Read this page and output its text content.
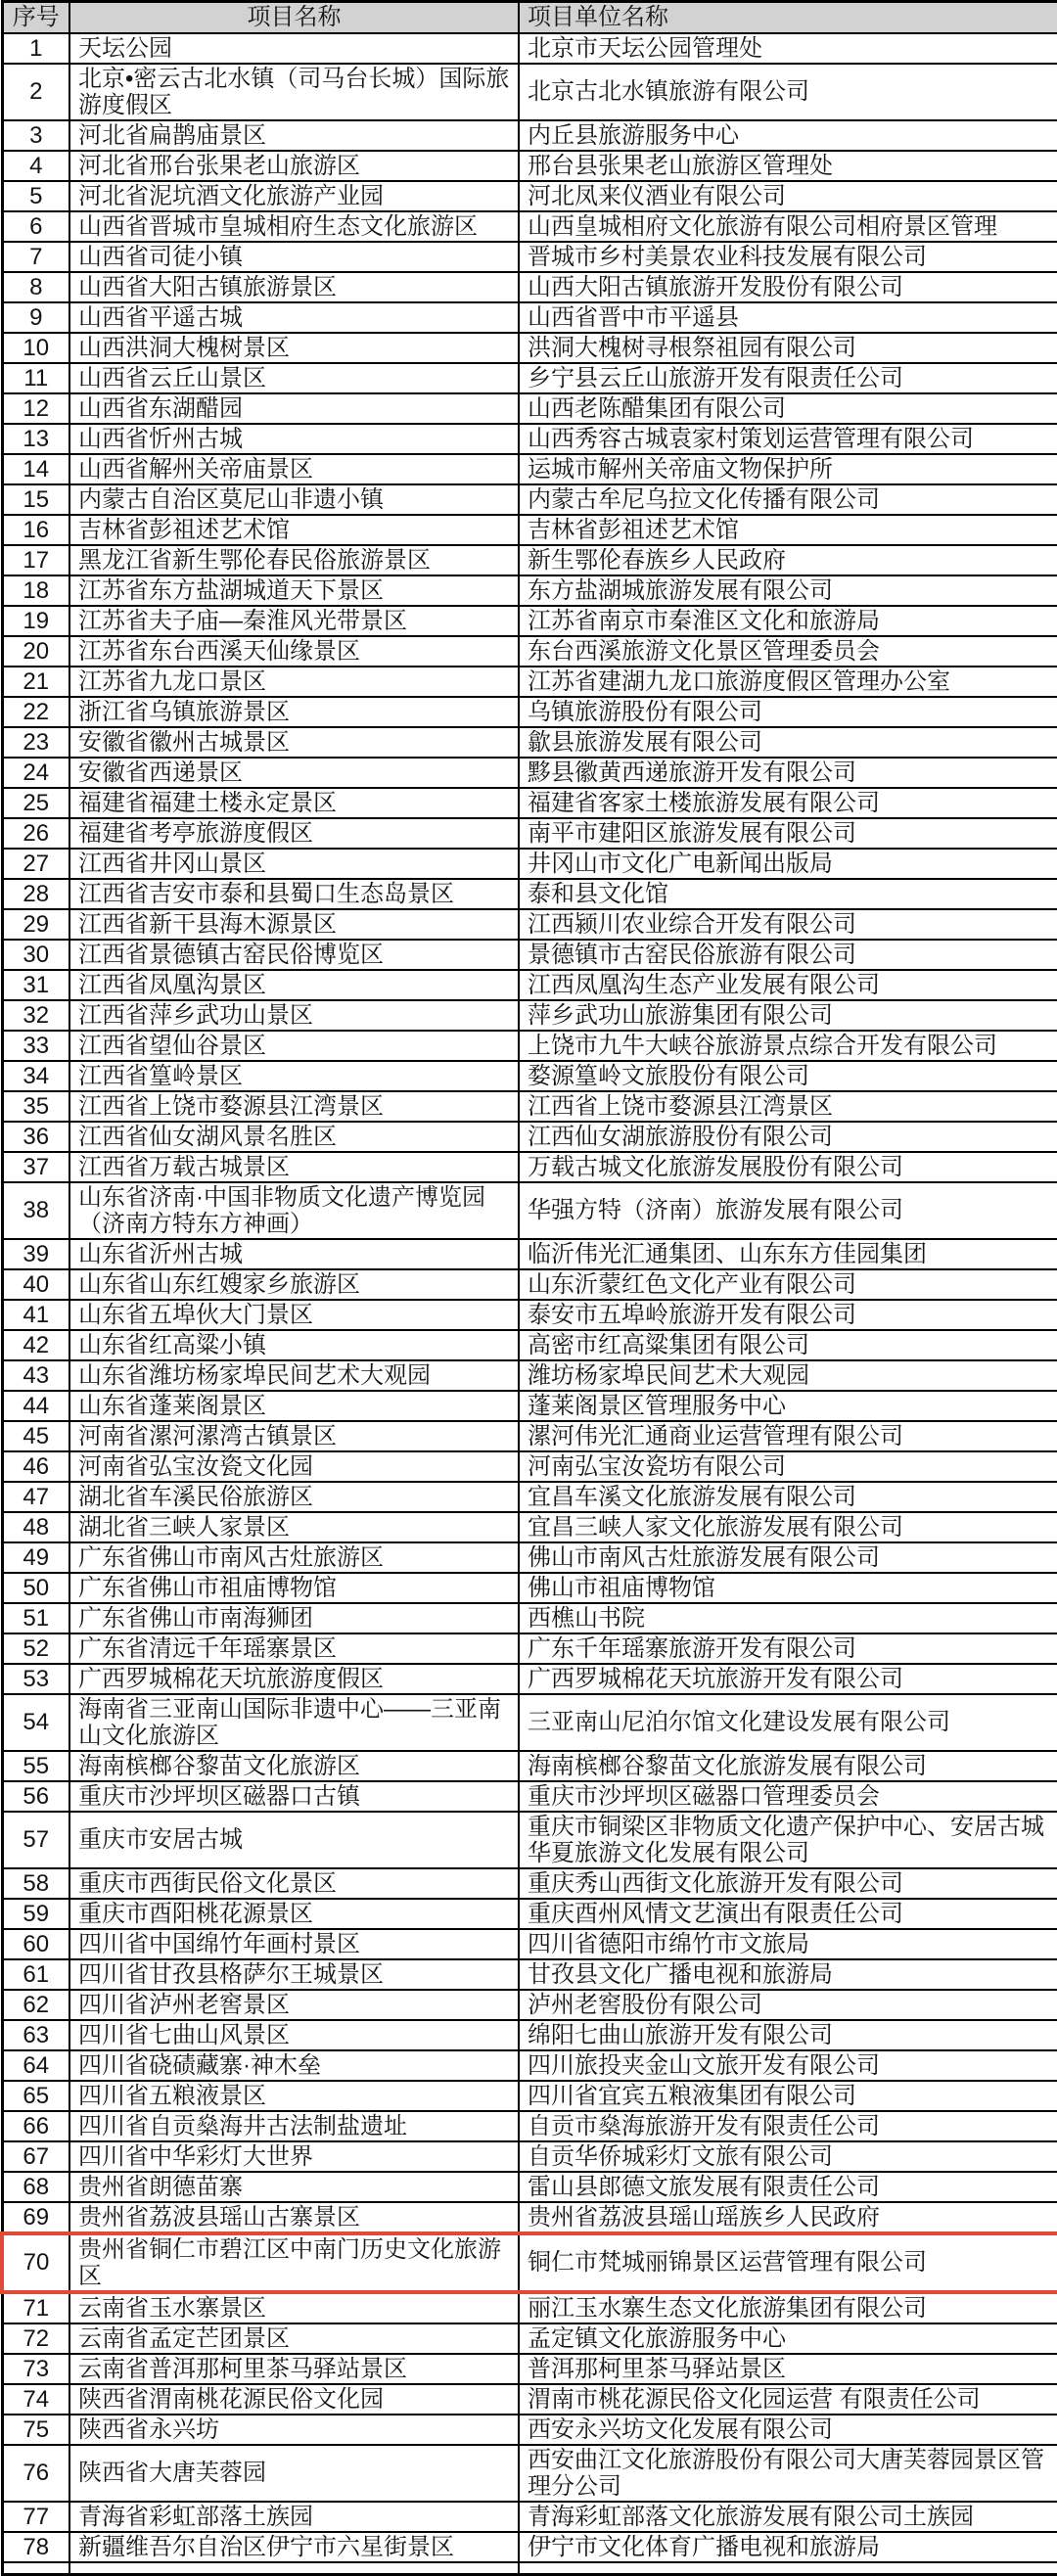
序号	项目名称	项目单位名称
1	天坛公园	北京市天坛公园管理处
2	北京•密云古北水镇（司马台长城）国际旅游度假区	北京古北水镇旅游有限公司
3	河北省扁鹊庙景区	内丘县旅游服务中心
4	河北省邢台张果老山旅游区	邢台县张果老山旅游区管理处
5	河北省泥坑酒文化旅游产业园	河北凤来仪酒业有限公司
6	山西省晋城市皇城相府生态文化旅游区	山西皇城相府文化旅游有限公司相府景区管理
7	山西省司徒小镇	晋城市乡村美景农业科技发展有限公司
8	山西省大阳古镇旅游景区	山西大阳古镇旅游开发股份有限公司
9	山西省平遥古城	山西省晋中市平遥县
10	山西洪洞大槐树景区	洪洞大槐树寻根祭祖园有限公司
11	山西省云丘山景区	乡宁县云丘山旅游开发有限责任公司
12	山西省东湖醋园	山西老陈醋集团有限公司
13	山西省忻州古城	山西秀容古城袁家村策划运营管理有限公司
14	山西省解州关帝庙景区	运城市解州关帝庙文物保护所
15	内蒙古自治区莫尼山非遗小镇	内蒙古牟尼乌拉文化传播有限公司
16	吉林省彭祖述艺术馆	吉林省彭祖述艺术馆
17	黑龙江省新生鄂伦春民俗旅游景区	新生鄂伦春族乡人民政府
18	江苏省东方盐湖城道天下景区	东方盐湖城旅游发展有限公司
19	江苏省夫子庙—秦淮风光带景区	江苏省南京市秦淮区文化和旅游局
20	江苏省东台西溪天仙缘景区	东台西溪旅游文化景区管理委员会
21	江苏省九龙口景区	江苏省建湖九龙口旅游度假区管理办公室
22	浙江省乌镇旅游景区	乌镇旅游股份有限公司
23	安徽省徽州古城景区	歙县旅游发展有限公司
24	安徽省西递景区	黟县徽黄西递旅游开发有限公司
25	福建省福建土楼永定景区	福建省客家土楼旅游发展有限公司
26	福建省考亭旅游度假区	南平市建阳区旅游发展有限公司
27	江西省井冈山景区	井冈山市文化广电新闻出版局
28	江西省吉安市泰和县蜀口生态岛景区	泰和县文化馆
29	江西省新干县海木源景区	江西颍川农业综合开发有限公司
30	江西省景德镇古窑民俗博览区	景德镇市古窑民俗旅游有限公司
31	江西省凤凰沟景区	江西凤凰沟生态产业发展有限公司
32	江西省萍乡武功山景区	萍乡武功山旅游集团有限公司
33	江西省望仙谷景区	上饶市九牛大峡谷旅游景点综合开发有限公司
34	江西省篁岭景区	婺源篁岭文旅股份有限公司
35	江西省上饶市婺源县江湾景区	江西省上饶市婺源县江湾景区
36	江西省仙女湖风景名胜区	江西仙女湖旅游股份有限公司
37	江西省万载古城景区	万载古城文化旅游发展股份有限公司
38	山东省济南·中国非物质文化遗产博览园（济南方特东方神画）	华强方特（济南）旅游发展有限公司
39	山东省沂州古城	临沂伟光汇通集团、山东东方佳园集团
40	山东省山东红嫂家乡旅游区	山东沂蒙红色文化产业有限公司
41	山东省五埠伙大门景区	泰安市五埠岭旅游开发有限公司
42	山东省红高粱小镇	高密市红高粱集团有限公司
43	山东省潍坊杨家埠民间艺术大观园	潍坊杨家埠民间艺术大观园
44	山东省蓬莱阁景区	蓬莱阁景区管理服务中心
45	河南省漯河漯湾古镇景区	漯河伟光汇通商业运营管理有限公司
46	河南省弘宝汝瓷文化园	河南弘宝汝瓷坊有限公司
47	湖北省车溪民俗旅游区	宜昌车溪文化旅游发展有限公司
48	湖北省三峡人家景区	宜昌三峡人家文化旅游发展有限公司
49	广东省佛山市南风古灶旅游区	佛山市南风古灶旅游发展有限公司
50	广东省佛山市祖庙博物馆	佛山市祖庙博物馆
51	广东省佛山市南海狮团	西樵山书院
52	广东省清远千年瑶寨景区	广东千年瑶寨旅游开发有限公司
53	广西罗城棉花天坑旅游度假区	广西罗城棉花天坑旅游开发有限公司
54	海南省三亚南山国际非遗中心——三亚南山文化旅游区	三亚南山尼泊尔馆文化建设发展有限公司
55	海南槟榔谷黎苗文化旅游区	海南槟榔谷黎苗文化旅游发展有限公司
56	重庆市沙坪坝区磁器口古镇	重庆市沙坪坝区磁器口管理委员会
57	重庆市安居古城	重庆市铜梁区非物质文化遗产保护中心、安居古城华夏旅游文化发展有限公司
58	重庆市西街民俗文化景区	重庆秀山西街文化旅游开发有限公司
59	重庆市酉阳桃花源景区	重庆酉州风情文艺演出有限责任公司
60	四川省中国绵竹年画村景区	四川省德阳市绵竹市文旅局
61	四川省甘孜县格萨尔王城景区	甘孜县文化广播电视和旅游局
62	四川省泸州老窖景区	泸州老窖股份有限公司
63	四川省七曲山风景区	绵阳七曲山旅游开发有限公司
64	四川省硗碛藏寨·神木垒	四川旅投夹金山文旅开发有限公司
65	四川省五粮液景区	四川省宜宾五粮液集团有限公司
66	四川省自贡燊海井古法制盐遗址	自贡市燊海旅游开发有限责任公司
67	四川省中华彩灯大世界	自贡华侨城彩灯文旅有限公司
68	贵州省朗德苗寨	雷山县郎德文旅发展有限责任公司
69	贵州省荔波县瑶山古寨景区	贵州省荔波县瑶山瑶族乡人民政府
70	贵州省铜仁市碧江区中南门历史文化旅游区	铜仁市梵城丽锦景区运营管理有限公司
71	云南省玉水寨景区	丽江玉水寨生态文化旅游集团有限公司
72	云南省孟定芒团景区	孟定镇文化旅游服务中心
73	云南省普洱那柯里茶马驿站景区	普洱那柯里茶马驿站景区
74	陕西省渭南桃花源民俗文化园	渭南市桃花源民俗文化园运营 有限责任公司
75	陕西省永兴坊	西安永兴坊文化发展有限公司
76	陕西省大唐芙蓉园	西安曲江文化旅游股份有限公司大唐芙蓉园景区管理分公司
77	青海省彩虹部落土族园	青海彩虹部落文化旅游发展有限公司土族园
78	新疆维吾尔自治区伊宁市六星街景区	伊宁市文化体育广播电视和旅游局
